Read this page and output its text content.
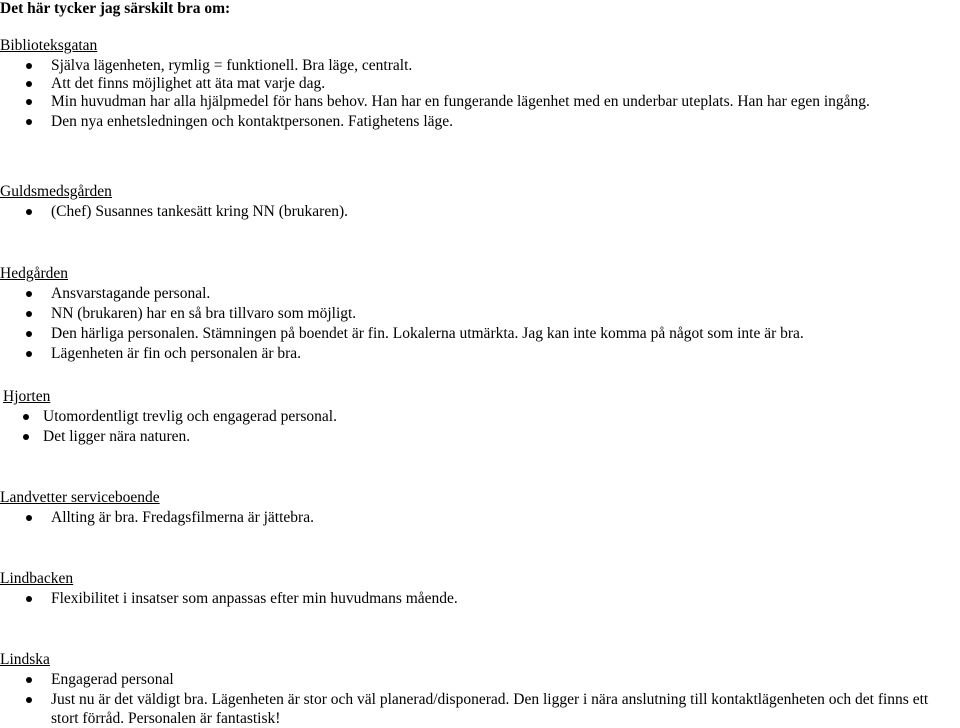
Det här tycker jag särskilt bra om:
Biblioteksgatan
Själva lägenheten, rymlig = funktionell. Bra läge, centralt.
Att det finns möjlighet att äta mat varje dag.
Min huvudman har alla hjälpmedel för hans behov. Han har en fungerande lägenhet med en underbar uteplats. Han har egen ingång.
Den nya enhetsledningen och kontaktpersonen. Fatighetens läge.
Guldsmedsgården
(Chef) Susannes tankesätt kring NN (brukaren).
Hedgården
Ansvarstagande personal.
NN (brukaren) har en så bra tillvaro som möjligt.
Den härliga personalen. Stämningen på boendet är fin. Lokalerna utmärkta. Jag kan inte komma på något som inte är bra.
Lägenheten är fin och personalen är bra.
Hjorten
Utomordentligt trevlig och engagerad personal.
Det ligger nära naturen.
Landvetter serviceboende
Allting är bra. Fredagsfilmerna är jättebra.
Lindbacken
Flexibilitet i insatser som anpassas efter min huvudmans mående.
Lindska
Engagerad personal
Just nu är det väldigt bra. Lägenheten är stor och väl planerad/disponerad. Den ligger i nära anslutning till kontaktlägenheten och det finns ett stort förråd. Personalen är fantastisk!
